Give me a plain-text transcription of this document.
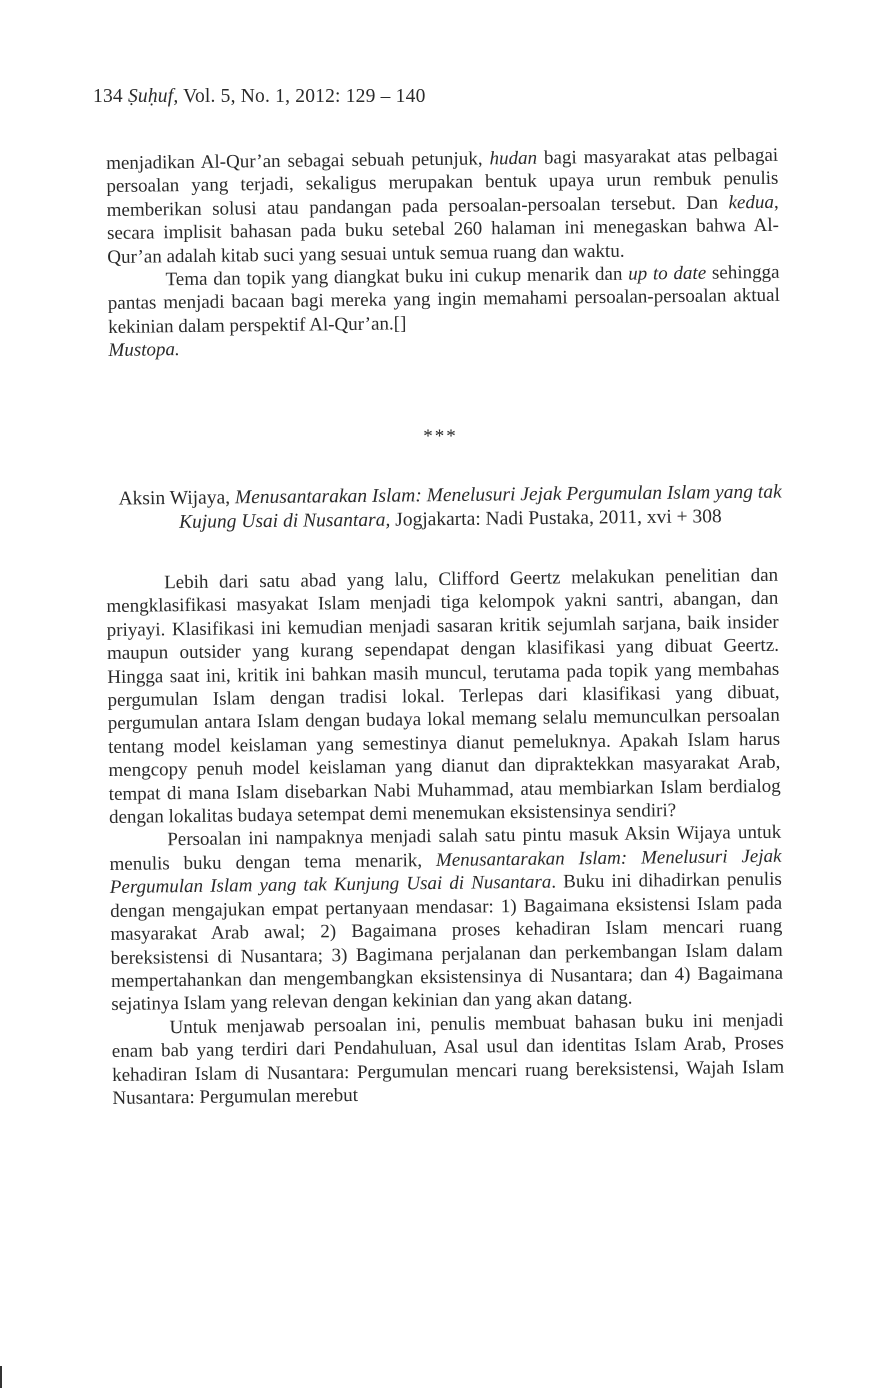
134 Ṣuḥuf, Vol. 5, No. 1, 2012: 129 – 140

menjadikan Al-Qur’an sebagai sebuah petunjuk, hudan bagi masyarakat atas pelbagai persoalan yang terjadi, sekaligus merupakan bentuk upaya urun rembuk penulis memberikan solusi atau pandangan pada persoalan-persoalan tersebut. Dan kedua, secara implisit bahasan pada buku setebal 260 halaman ini menegaskan bahwa Al-Qur’an adalah kitab suci yang sesuai untuk semua ruang dan waktu.

Tema dan topik yang diangkat buku ini cukup menarik dan up to date sehingga pantas menjadi bacaan bagi mereka yang ingin memahami persoalan-persoalan aktual kekinian dalam perspektif Al-Qur’an.[]

Mustopa.

***
Aksin Wijaya, Menusantarakan Islam: Menelusuri Jejak Pergumulan Islam yang tak Kujung Usai di Nusantara, Jogjakarta: Nadi Pustaka, 2011, xvi + 308

Lebih dari satu abad yang lalu, Clifford Geertz melakukan penelitian dan mengklasifikasi masyakat Islam menjadi tiga kelompok yakni santri, abangan, dan priyayi. Klasifikasi ini kemudian menjadi sasaran kritik sejumlah sarjana, baik insider maupun outsider yang kurang sependapat dengan klasifikasi yang dibuat Geertz. Hingga saat ini, kritik ini bahkan masih muncul, terutama pada topik yang membahas pergumulan Islam dengan tradisi lokal. Terlepas dari klasifikasi yang dibuat, pergumulan antara Islam dengan budaya lokal memang selalu memunculkan persoalan tentang model keislaman yang semestinya dianut pemeluknya. Apakah Islam harus mengcopy penuh model keislaman yang dianut dan dipraktekkan masyarakat Arab, tempat di mana Islam disebarkan Nabi Muhammad, atau membiarkan Islam berdialog dengan lokalitas budaya setempat demi menemukan eksistensinya sendiri?

Persoalan ini nampaknya menjadi salah satu pintu masuk Aksin Wijaya untuk menulis buku dengan tema menarik, Menusantarakan Islam: Menelusuri Jejak Pergumulan Islam yang tak Kunjung Usai di Nusantara. Buku ini dihadirkan penulis dengan mengajukan empat pertanyaan mendasar: 1) Bagaimana eksistensi Islam pada masyarakat Arab awal; 2) Bagaimana proses kehadiran Islam mencari ruang bereksistensi di Nusantara; 3) Bagimana perjalanan dan perkembangan Islam dalam mempertahankan dan mengembangkan eksistensinya di Nusantara; dan 4) Bagaimana sejatinya Islam yang relevan dengan kekinian dan yang akan datang.

Untuk menjawab persoalan ini, penulis membuat bahasan buku ini menjadi enam bab yang terdiri dari Pendahuluan, Asal usul dan identitas Islam Arab, Proses kehadiran Islam di Nusantara: Pergumulan mencari ruang bereksistensi, Wajah Islam Nusantara: Pergumulan merebut
